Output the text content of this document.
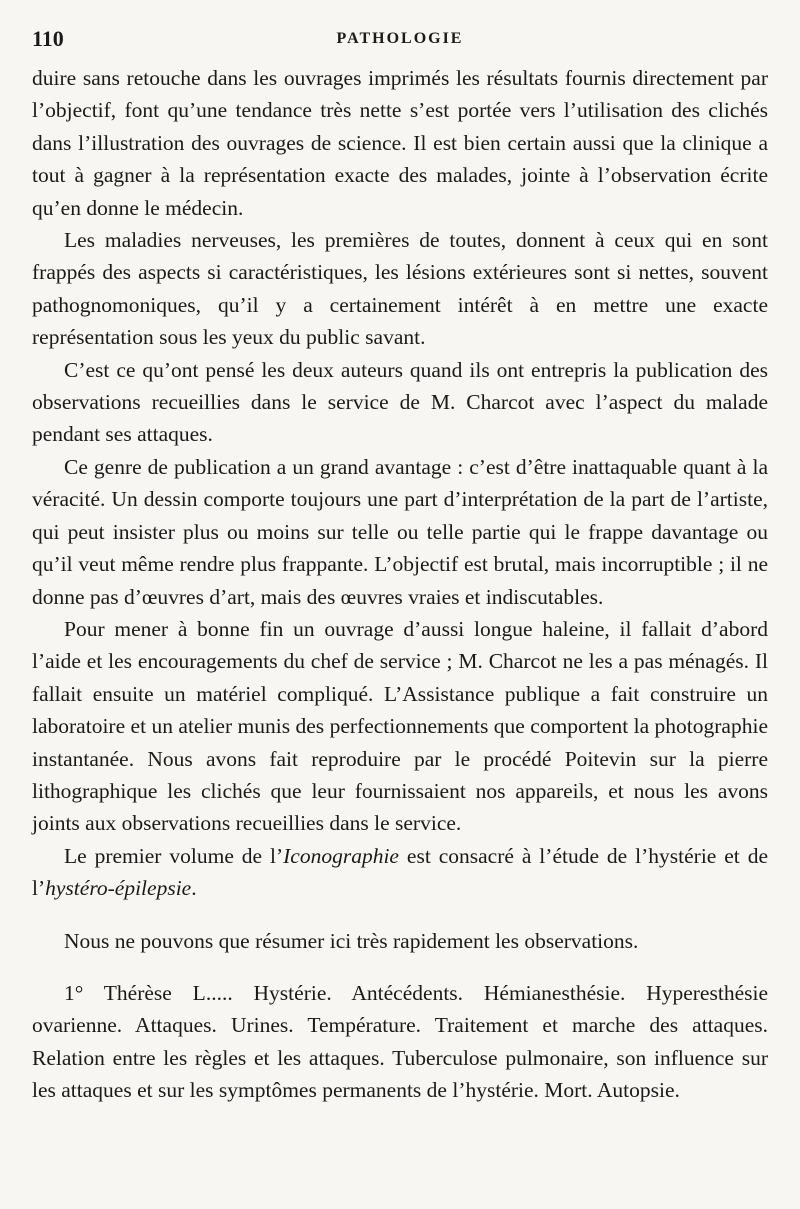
110	PATHOLOGIE

duire sans retouche dans les ouvrages imprimés les résultats fournis directement par l’objectif, font qu’une tendance très nette s’est portée vers l’utilisation des clichés dans l’illustration des ouvrages de science. Il est bien certain aussi que la clinique a tout à gagner à la représentation exacte des malades, jointe à l’observation écrite qu’en donne le médecin.

Les maladies nerveuses, les premières de toutes, donnent à ceux qui en sont frappés des aspects si caractéristiques, les lésions extérieures sont si nettes, souvent pathognomoniques, qu’il y a certainement intérêt à en mettre une exacte représentation sous les yeux du public savant.

C’est ce qu’ont pensé les deux auteurs quand ils ont entrepris la publication des observations recueillies dans le service de M. Charcot avec l’aspect du malade pendant ses attaques.

Ce genre de publication a un grand avantage : c’est d’être inattaquable quant à la véracité. Un dessin comporte toujours une part d’interprétation de la part de l’artiste, qui peut insister plus ou moins sur telle ou telle partie qui le frappe davantage ou qu’il veut même rendre plus frappante. L’objectif est brutal, mais incorruptible ; il ne donne pas d’œuvres d’art, mais des œuvres vraies et indiscutables.

Pour mener à bonne fin un ouvrage d’aussi longue haleine, il fallait d’abord l’aide et les encouragements du chef de service ; M. Charcot ne les a pas ménagés. Il fallait ensuite un matériel compliqué. L’Assistance publique a fait construire un laboratoire et un atelier munis des perfectionnements que comportent la photographie instantanée. Nous avons fait reproduire par le procédé Poitevin sur la pierre lithographique les clichés que leur fournissaient nos appareils, et nous les avons joints aux observations recueillies dans le service.

Le premier volume de l’Iconographie est consacré à l’étude de l’hystérie et de l’hystéro-épilepsie.

Nous ne pouvons que résumer ici très rapidement les observations.

1° Thérèse L..... Hystérie. Antécédents. Hémianesthésie. Hyperesthésie ovarienne. Attaques. Urines. Température. Traitement et marche des attaques. Relation entre les règles et les attaques. Tuberculose pulmonaire, son influence sur les attaques et sur les symptômes permanents de l’hystérie. Mort. Autopsie.
